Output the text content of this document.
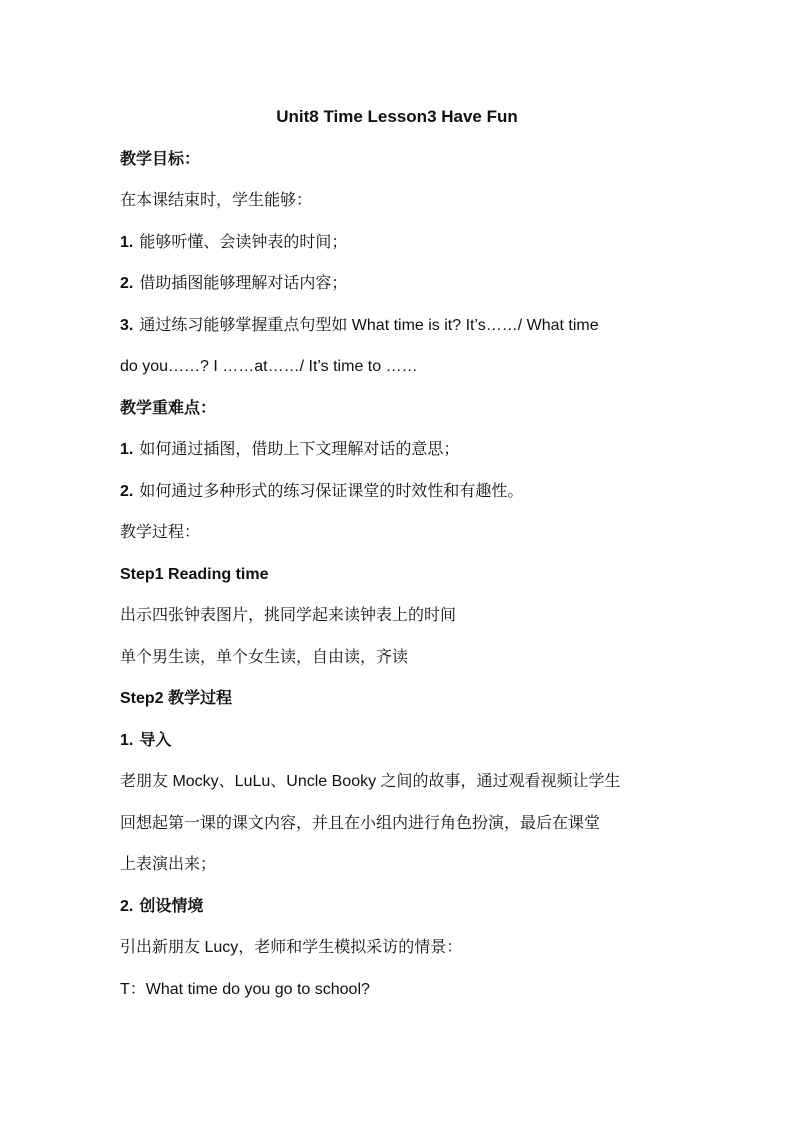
Unit8 Time Lesson3 Have Fun
教学目标：
在本课结束时，学生能够：
1. 能够听懂、会读钟表的时间；
2. 借助插图能够理解对话内容；
3. 通过练习能够掌握重点句型如 What time is it? It’s……/ What time
do you……? I ……at……/ It’s time to ……
教学重难点：
1. 如何通过插图，借助上下文理解对话的意思；
2. 如何通过多种形式的练习保证课堂的时效性和有趣性。
教学过程：
Step1 Reading time
出示四张钟表图片，挑同学起来读钟表上的时间
单个男生读，单个女生读，自由读，齐读
Step2 教学过程
1. 导入
老朋友 Mocky、LuLu、Uncle Booky 之间的故事，通过观看视频让学生
回想起第一课的课文内容，并且在小组内进行角色扮演，最后在课堂
上表演出来；
2. 创设情境
引出新朋友 Lucy，老师和学生模拟采访的情景：
T：What time do you go to school?
